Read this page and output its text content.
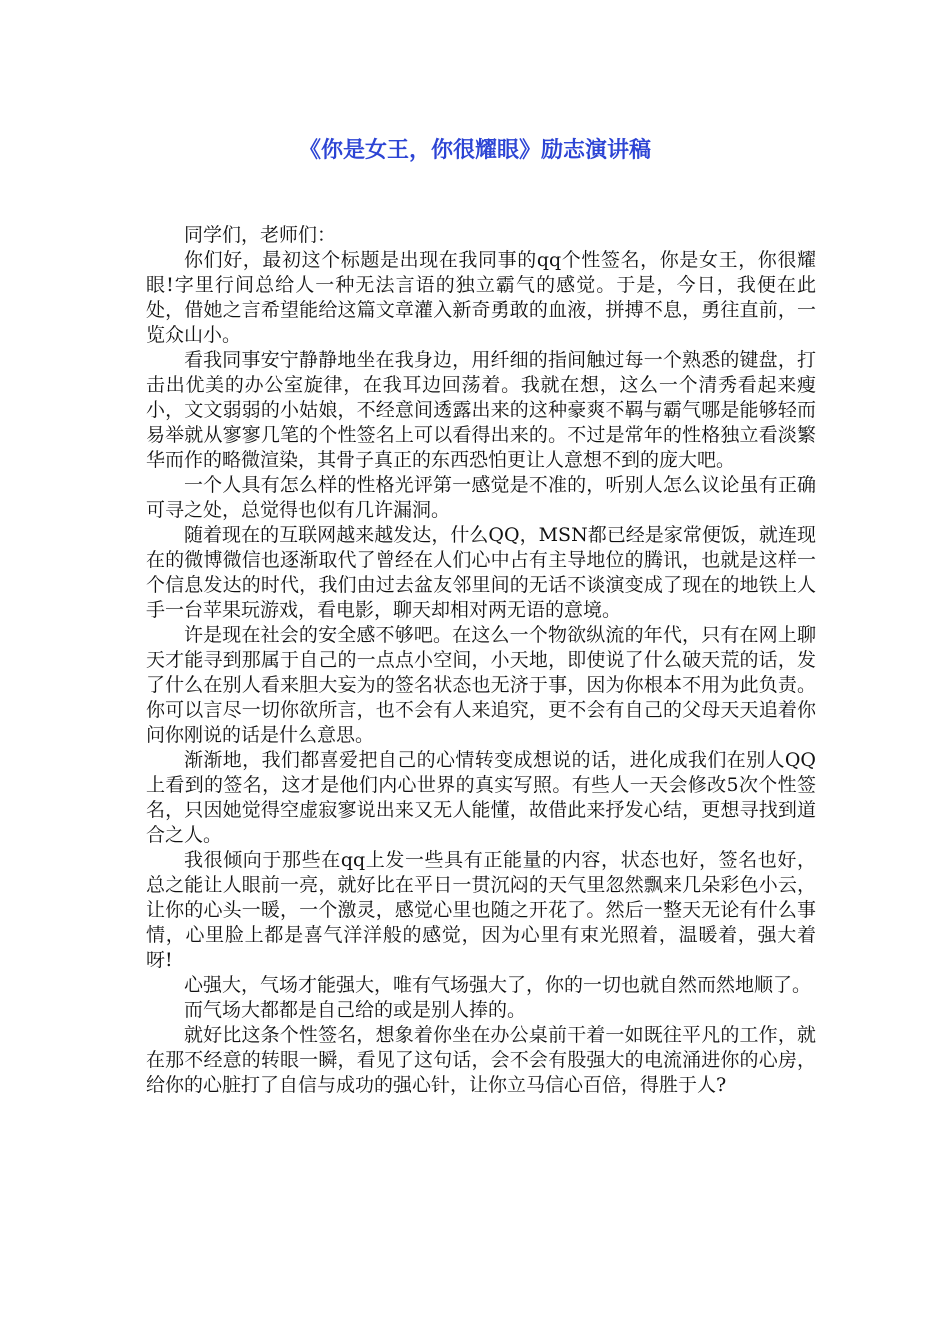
《你是女王，你很耀眼》励志演讲稿

同学们，老师们：

你们好，最初这个标题是出现在我同事的qq个性签名，你是女王，你很耀眼!字里行间总给人一种无法言语的独立霸气的感觉。于是，今日，我便在此处，借她之言希望能给这篇文章灌入新奇勇敢的血液，拼搏不息，勇往直前，一览众山小。

看我同事安宁静静地坐在我身边，用纤细的指间触过每一个熟悉的键盘，打击出优美的办公室旋律，在我耳边回荡着。我就在想，这么一个清秀看起来瘦小，文文弱弱的小姑娘，不经意间透露出来的这种豪爽不羁与霸气哪是能够轻而易举就从寥寥几笔的个性签名上可以看得出来的。不过是常年的性格独立看淡繁华而作的略微渲染，其骨子真正的东西恐怕更让人意想不到的庞大吧。

一个人具有怎么样的性格光评第一感觉是不准的，听别人怎么议论虽有正确可寻之处，总觉得也似有几许漏洞。

随着现在的互联网越来越发达，什么QQ，MSN都已经是家常便饭，就连现在的微博微信也逐渐取代了曾经在人们心中占有主导地位的腾讯，也就是这样一个信息发达的时代，我们由过去盆友邻里间的无话不谈演变成了现在的地铁上人手一台苹果玩游戏，看电影，聊天却相对两无语的意境。

许是现在社会的安全感不够吧。在这么一个物欲纵流的年代，只有在网上聊天才能寻到那属于自己的一点点小空间，小天地，即使说了什么破天荒的话，发了什么在别人看来胆大妄为的签名状态也无济于事，因为你根本不用为此负责。你可以言尽一切你欲所言，也不会有人来追究，更不会有自己的父母天天追着你问你刚说的话是什么意思。

渐渐地，我们都喜爱把自己的心情转变成想说的话，进化成我们在别人QQ上看到的签名，这才是他们内心世界的真实写照。有些人一天会修改5次个性签名，只因她觉得空虚寂寥说出来又无人能懂，故借此来抒发心结，更想寻找到道合之人。

我很倾向于那些在qq上发一些具有正能量的内容，状态也好，签名也好，总之能让人眼前一亮，就好比在平日一贯沉闷的天气里忽然飘来几朵彩色小云，让你的心头一暖，一个激灵，感觉心里也随之开花了。然后一整天无论有什么事情，心里脸上都是喜气洋洋般的感觉，因为心里有束光照着，温暖着，强大着呀!

心强大，气场才能强大，唯有气场强大了，你的一切也就自然而然地顺了。

而气场大都都是自己给的或是别人捧的。

就好比这条个性签名，想象着你坐在办公桌前干着一如既往平凡的工作，就在那不经意的转眼一瞬，看见了这句话，会不会有股强大的电流涌进你的心房，给你的心脏打了自信与成功的强心针，让你立马信心百倍，得胜于人?
